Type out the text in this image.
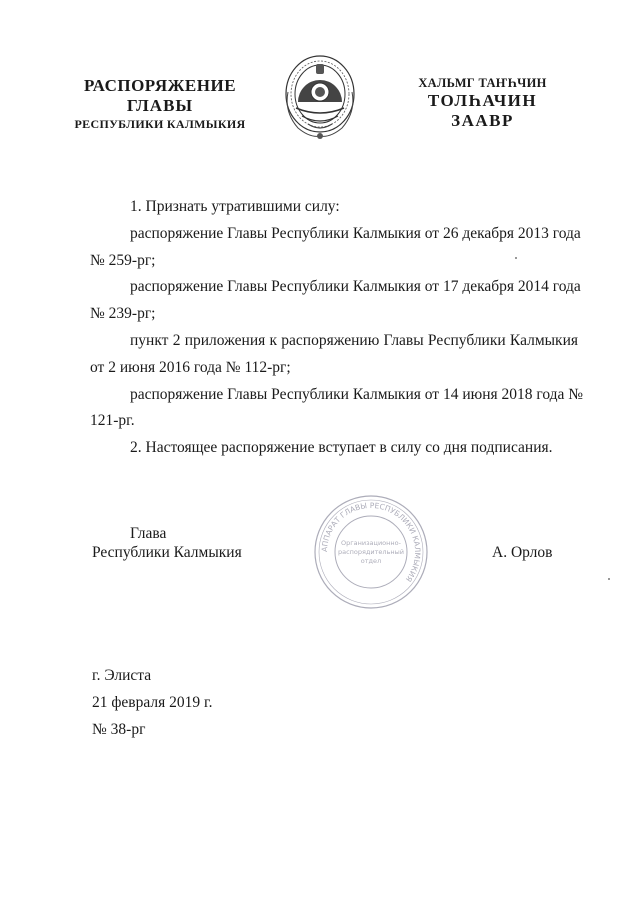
РАСПОРЯЖЕНИЕ
ГЛАВЫ
РЕСПУБЛИКИ КАЛМЫКИЯ
ХАЛЬМГ ТАҤҺЧИН
ТОЛҺАЧИН
ЗААВР
1. Признать утратившими силу:
распоряжение Главы Республики Калмыкия от 26 декабря 2013 года
№ 259-рг;
распоряжение Главы Республики Калмыкия от 17 декабря 2014 года
№ 239-рг;
пункт 2 приложения к распоряжению Главы Республики Калмыкия
от 2 июня 2016 года № 112-рг;
распоряжение Главы Республики Калмыкия от 14 июня 2018 года №
121-рг.
2. Настоящее распоряжение вступает в силу со дня подписания.
Глава
Республики Калмыкия	А. Орлов
АППАРАТ ГЛАВЫ РЕСПУБЛИКИ КАЛМЫКИЯ
Организационно-
распорядительный
отдел
г. Элиста
21 февраля 2019 г.
№ 38-рг
